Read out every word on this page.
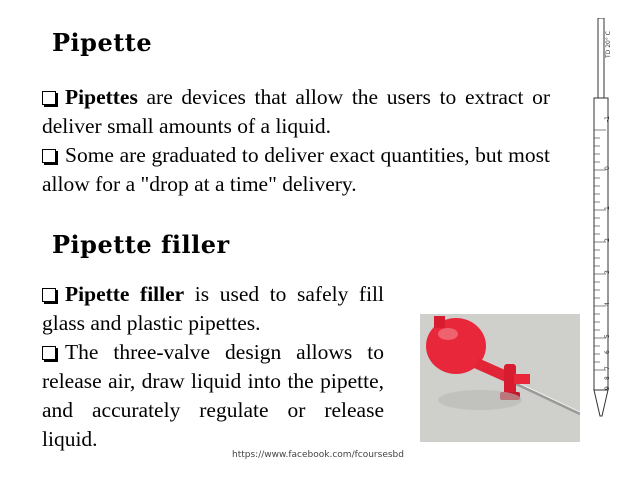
Pipette
Pipettes are devices that allow the users to extract or deliver small amounts of a liquid.
Some are graduated to deliver exact quantities, but most allow for a "drop at a time" delivery.
Pipette filler
Pipette filler is used to safely fill glass and plastic pipettes.
The three-valve design allows to release air, draw liquid into the pipette, and accurately regulate or release liquid.
TD 20° C
-1
0
1
2
3
4
5
6
7
8
9
https://www.facebook.com/fcoursesbd
